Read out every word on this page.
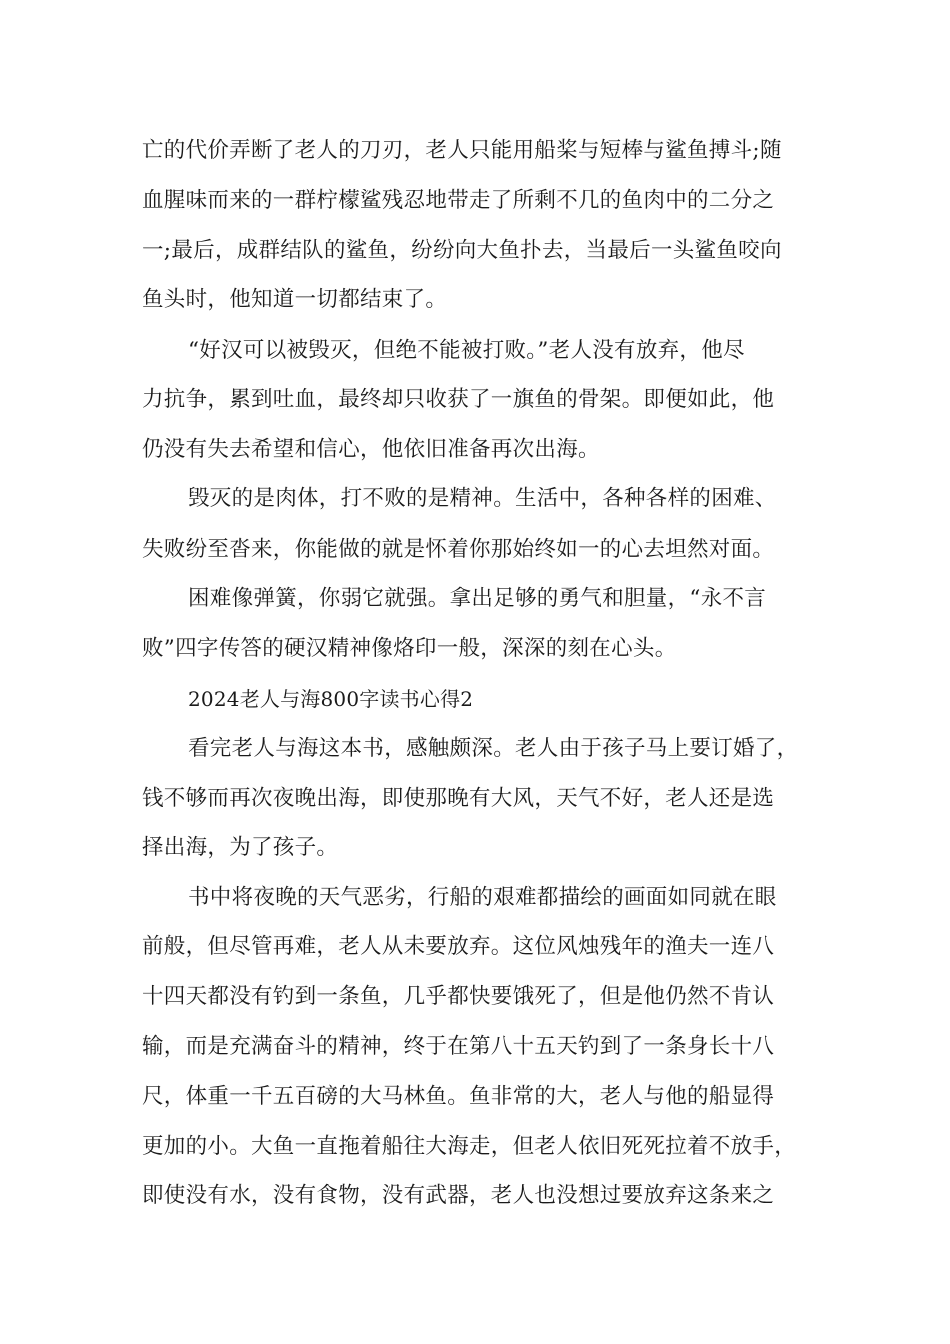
亡的代价弄断了老人的刀刃，老人只能用船桨与短棒与鲨鱼搏斗;随

血腥味而来的一群柠檬鲨残忍地带走了所剩不几的鱼肉中的二分之

一;最后，成群结队的鲨鱼，纷纷向大鱼扑去，当最后一头鲨鱼咬向

鱼头时，他知道一切都结束了。

“好汉可以被毁灭，但绝不能被打败。”老人没有放弃，他尽

力抗争，累到吐血，最终却只收获了一旗鱼的骨架。即便如此，他

仍没有失去希望和信心，他依旧准备再次出海。

毁灭的是肉体，打不败的是精神。生活中，各种各样的困难、

失败纷至沓来，你能做的就是怀着你那始终如一的心去坦然对面。

困难像弹簧，你弱它就强。拿出足够的勇气和胆量，“永不言

败”四字传答的硬汉精神像烙印一般，深深的刻在心头。

2024老人与海800字读书心得2

看完老人与海这本书，感触颇深。老人由于孩子马上要订婚了，

钱不够而再次夜晚出海，即使那晚有大风，天气不好，老人还是选

择出海，为了孩子。

书中将夜晚的天气恶劣，行船的艰难都描绘的画面如同就在眼

前般，但尽管再难，老人从未要放弃。这位风烛残年的渔夫一连八

十四天都没有钓到一条鱼，几乎都快要饿死了，但是他仍然不肯认

输，而是充满奋斗的精神，终于在第八十五天钓到了一条身长十八

尺，体重一千五百磅的大马林鱼。鱼非常的大，老人与他的船显得

更加的小。大鱼一直拖着船往大海走，但老人依旧死死拉着不放手，

即使没有水，没有食物，没有武器，老人也没想过要放弃这条来之
